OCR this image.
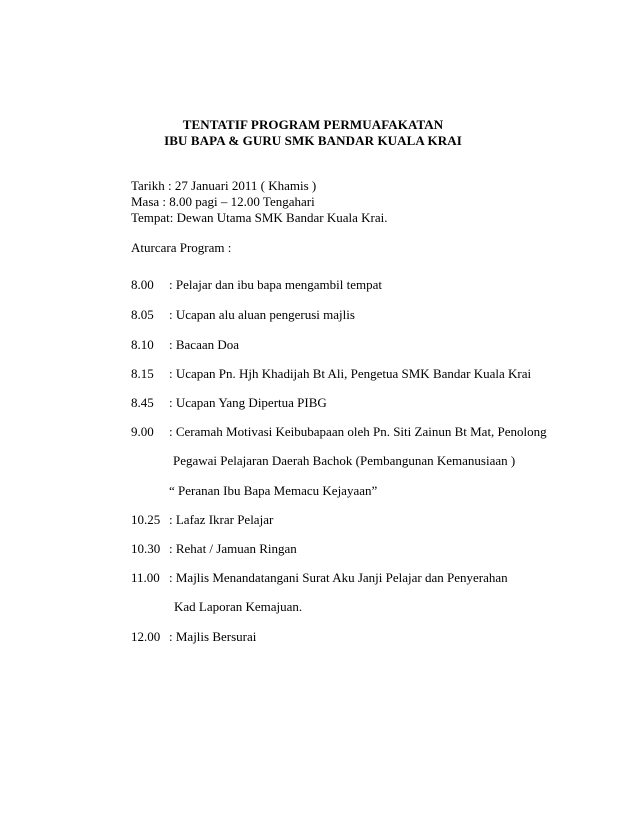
TENTATIF PROGRAM PERMUAFAKATAN
IBU BAPA & GURU SMK BANDAR KUALA KRAI
Tarikh : 27 Januari 2011 ( Khamis )
Masa : 8.00 pagi – 12.00 Tengahari
Tempat: Dewan Utama SMK Bandar Kuala Krai.
Aturcara Program :
8.00 : Pelajar dan ibu bapa mengambil tempat
8.05 : Ucapan alu aluan pengerusi majlis
8.10 : Bacaan Doa
8.15 : Ucapan Pn. Hjh Khadijah Bt Ali, Pengetua SMK Bandar Kuala Krai
8.45 : Ucapan Yang Dipertua PIBG
9.00 : Ceramah Motivasi Keibubapaan oleh Pn. Siti Zainun Bt Mat, Penolong
Pegawai Pelajaran Daerah Bachok (Pembangunan Kemanusiaan )
“ Peranan Ibu Bapa Memacu Kejayaan”
10.25 : Lafaz Ikrar Pelajar
10.30 : Rehat / Jamuan Ringan
11.00 : Majlis Menandatangani Surat Aku Janji Pelajar dan Penyerahan
Kad Laporan Kemajuan.
12.00 : Majlis Bersurai
